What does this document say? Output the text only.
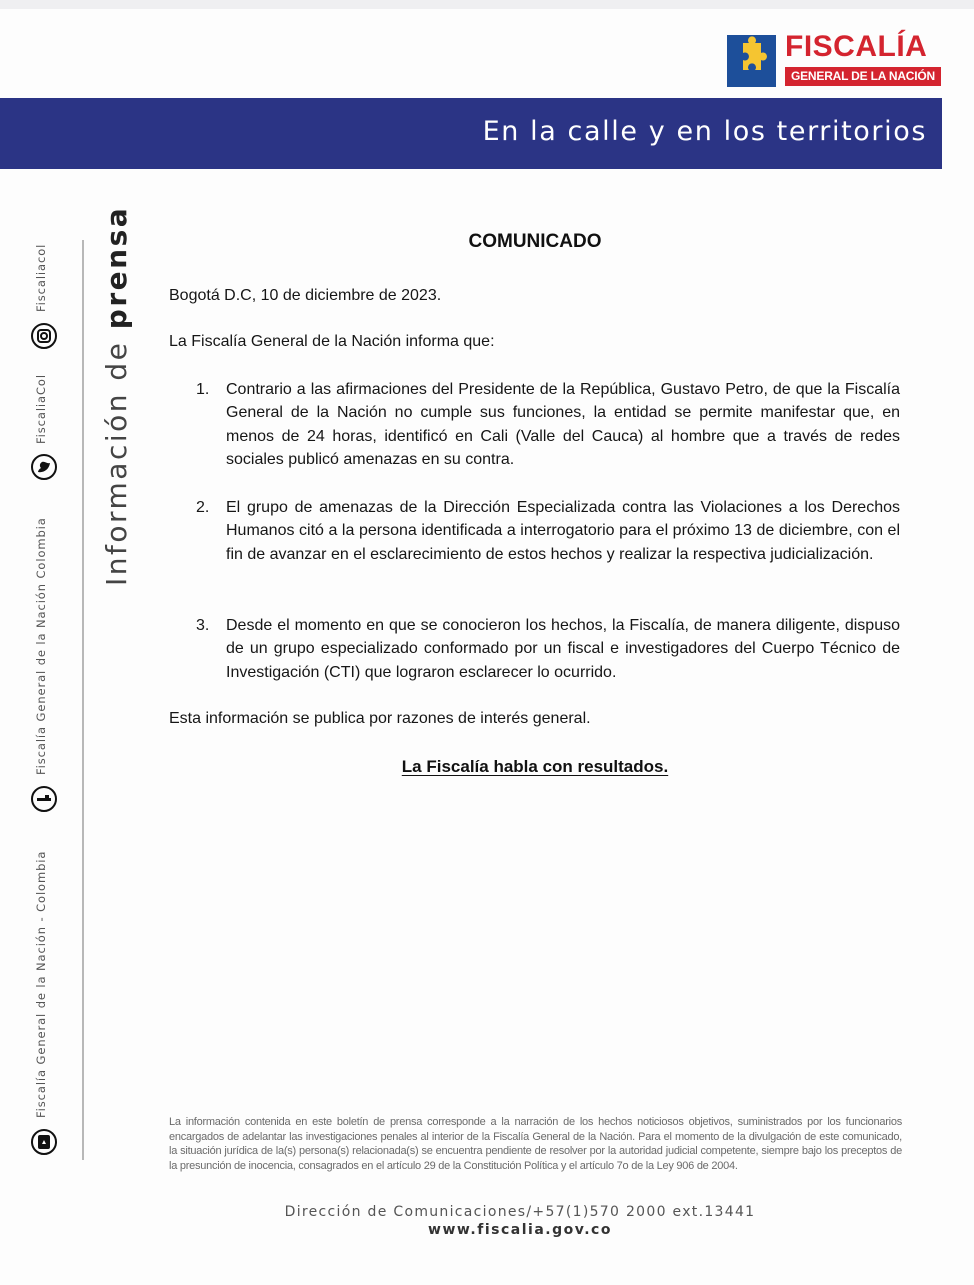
FISCALÍA
GENERAL DE LA NACIÓN
En la calle y en los territorios
Información de prensa
Fiscalía General de la Nación - Colombia
Fiscalía General de la Nación Colombia
FiscaliaCol
Fiscaliacol
COMUNICADO
Bogotá D.C, 10 de diciembre de 2023.
La Fiscalía General de la Nación informa que:
1. Contrario a las afirmaciones del Presidente de la República, Gustavo Petro, de que la Fiscalía General de la Nación no cumple sus funciones, la entidad se permite manifestar que, en menos de 24 horas, identificó en Cali (Valle del Cauca) al hombre que a través de redes sociales publicó amenazas en su contra.
2. El grupo de amenazas de la Dirección Especializada contra las Violaciones a los Derechos Humanos citó a la persona identificada a interrogatorio para el próximo 13 de diciembre, con el fin de avanzar en el esclarecimiento de estos hechos y realizar la respectiva judicialización.
3. Desde el momento en que se conocieron los hechos, la Fiscalía, de manera diligente, dispuso de un grupo especializado conformado por un fiscal e investigadores del Cuerpo Técnico de Investigación (CTI) que lograron esclarecer lo ocurrido.
Esta información se publica por razones de interés general.
La Fiscalía habla con resultados.
La información contenida en este boletín de prensa corresponde a la narración de los hechos noticiosos objetivos, suministrados por los funcionarios encargados de adelantar las investigaciones penales al interior de la Fiscalía General de la Nación. Para el momento de la divulgación de este comunicado, la situación jurídica de la(s) persona(s) relacionada(s) se encuentra pendiente de resolver por la autoridad judicial competente, siempre bajo los preceptos de la presunción de inocencia, consagrados en el artículo 29 de la Constitución Política y el artículo 7o de la Ley 906 de 2004.
Dirección de Comunicaciones/+57(1)570 2000 ext.13441
www.fiscalia.gov.co
